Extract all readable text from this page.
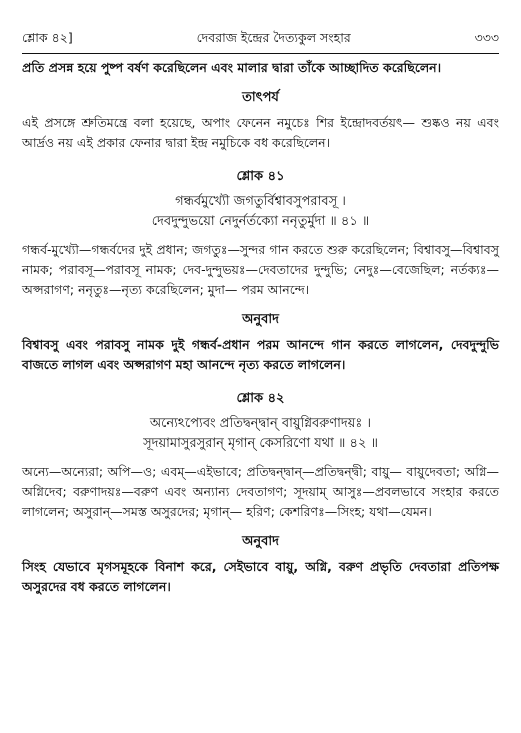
শ্লোক ৪২]	দেবরাজ ইন্দ্রের দৈত্যকুল সংহার	৩৩৩

প্রতি প্রসন্ন হয়ে পুষ্প বর্ষণ করেছিলেন এবং মালার দ্বারা তাঁকে আচ্ছাদিত করেছিলেন।

তাৎপর্য

এই প্রসঙ্গে শ্রুতিমন্ত্রে বলা হয়েছে, অপাং ফেনেন নমুচেঃ শির ইন্দ্রোদবর্তয়ৎ— শুষ্কও নয় এবং আর্দ্রও নয় এই প্রকার ফেনার দ্বারা ইন্দ্র নমুচিকে বধ করেছিলেন।

শ্লোক ৪১
গন্ধর্বমুখ্যৌ জগতুর্বিশ্বাবসুপরাবসূ ।
দেবদুন্দুভয়ো নেদুর্নর্তক্যো ননৃতুর্মুদা ॥ ৪১ ॥

গন্ধর্ব-মুখ্যৌ—গন্ধর্বদের দুই প্রধান; জগতুঃ—সুন্দর গান করতে শুরু করেছিলেন; বিশ্বাবসু—বিশ্বাবসু নামক; পরাবসূ—পরাবসূ নামক; দেব-দুন্দুভয়ঃ—দেবতাদের দুন্দুভি; নেদুঃ—বেজেছিল; নর্তক্যঃ—অপ্সরাগণ; ননৃতুঃ—নৃত্য করেছিলেন; মুদা— পরম আনন্দে।

অনুবাদ

বিশ্বাবসু এবং পরাবসু নামক দুই গন্ধর্ব-প্রধান পরম আনন্দে গান করতে লাগলেন, দেবদুন্দুভি বাজতে লাগল এবং অপ্সরাগণ মহা আনন্দে নৃত্য করতে লাগলেন।

শ্লোক ৪২
অন্যেঽপ্যেবং প্রতিদ্বন্দ্বান্ বায়ুগ্নিবরুণাদয়ঃ ।
সূদয়ামাসুরসুরান্ মৃগান্ কেসরিণো যথা ॥ ৪২ ॥

অন্যে—অন্যেরা; অপি—ও; এবম্—এইভাবে; প্রতিদ্বন্দ্বান্—প্রতিদ্বন্দ্বী; বায়ু— বায়ুদেবতা; অগ্নি—অগ্নিদেব; বরুণাদয়ঃ—বরুণ এবং অন্যান্য দেবতাগণ; সূদয়াম্ আসুঃ—প্রবলভাবে সংহার করতে লাগলেন; অসুরান্—সমস্ত অসুরদের; মৃগান্— হরিণ; কেশরিণঃ—সিংহ; যথা—যেমন।

অনুবাদ

সিংহ যেভাবে মৃগসমূহকে বিনাশ করে, সেইভাবে বায়ু, অগ্নি, বরুণ প্রভৃতি দেবতারা প্রতিপক্ষ অসুরদের বধ করতে লাগলেন।
